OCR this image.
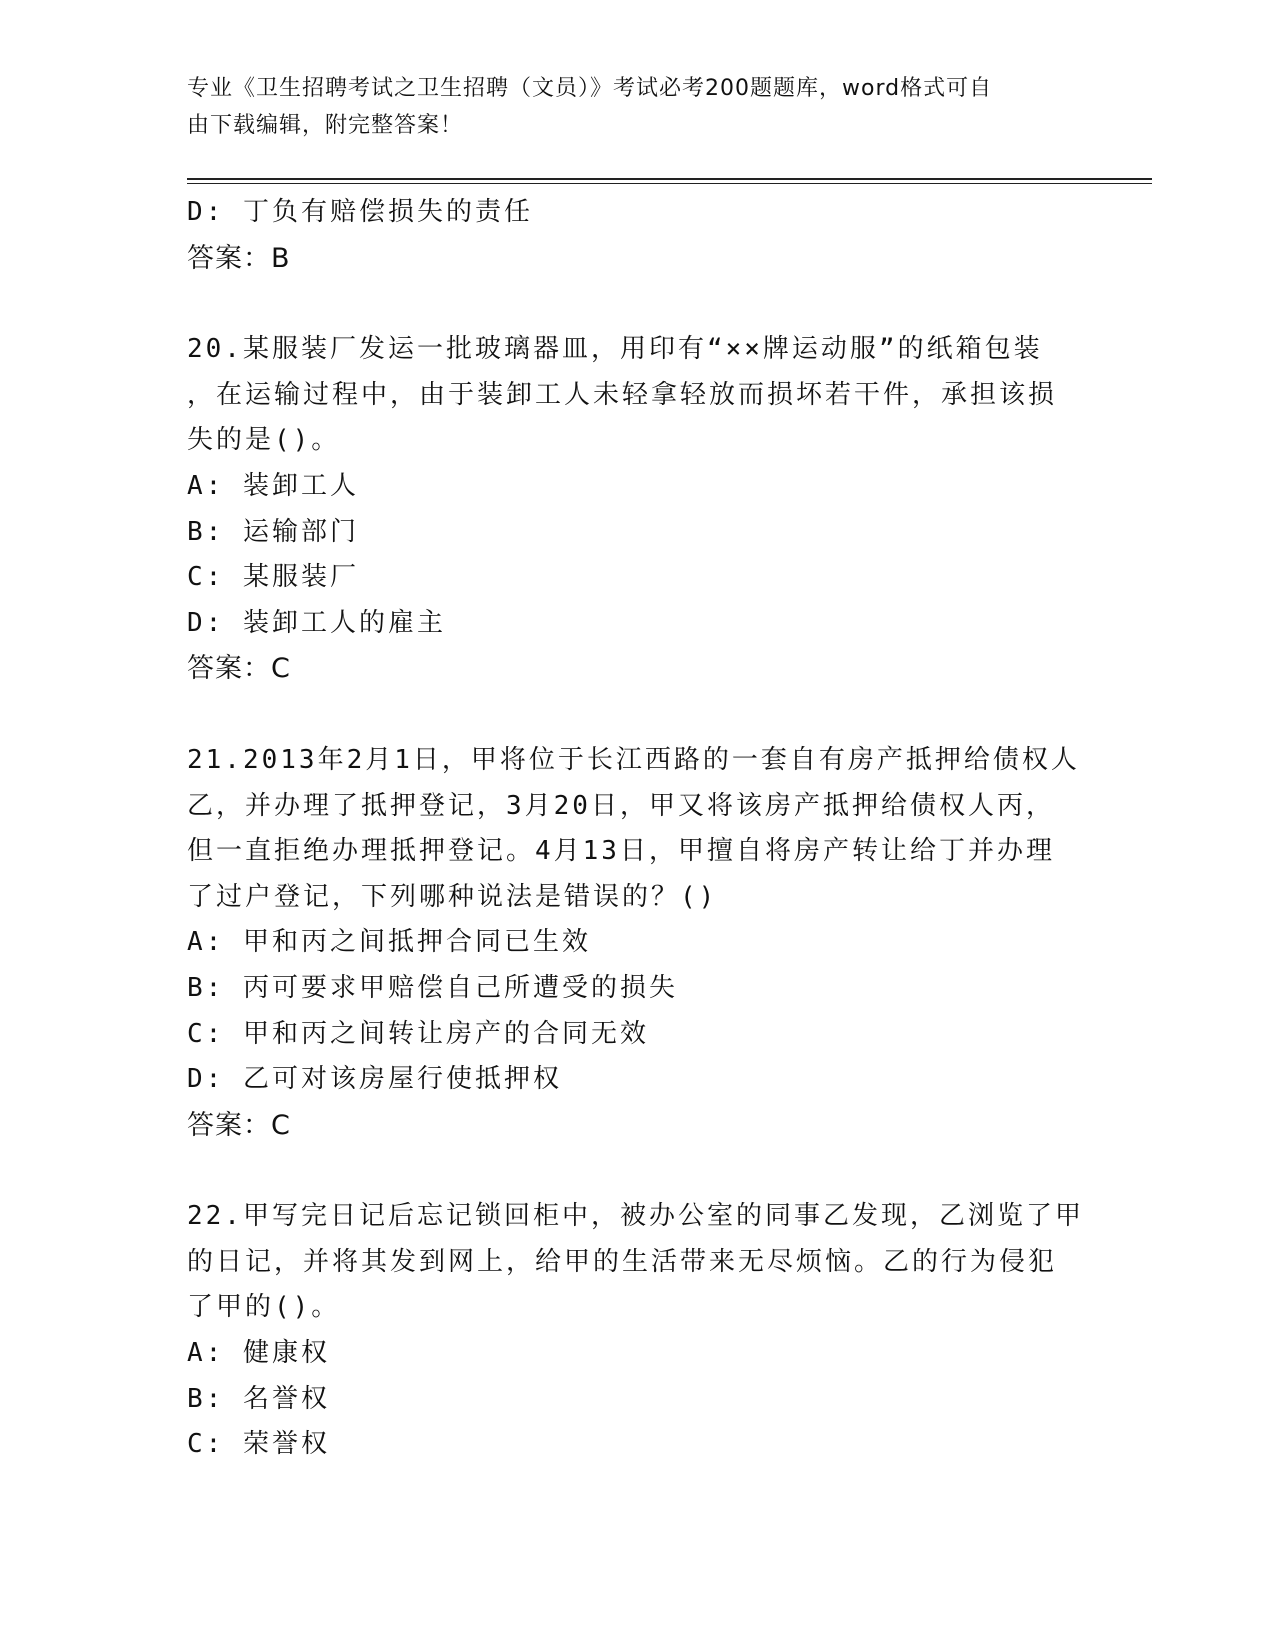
专业《卫生招聘考试之卫生招聘（文员）》考试必考200题题库，word格式可自
由下载编辑，附完整答案！
D: 丁负有赔偿损失的责任
答案：B
20.某服装厂发运一批玻璃器皿，用印有“××牌运动服”的纸箱包装
，在运输过程中，由于装卸工人未轻拿轻放而损坏若干件，承担该损
失的是()。
A: 装卸工人
B: 运输部门
C: 某服装厂
D: 装卸工人的雇主
答案：C
21.2013年2月1日，甲将位于长江西路的一套自有房产抵押给债权人
乙，并办理了抵押登记，3月20日，甲又将该房产抵押给债权人丙，
但一直拒绝办理抵押登记。4月13日，甲擅自将房产转让给丁并办理
了过户登记，下列哪种说法是错误的？()
A: 甲和丙之间抵押合同已生效
B: 丙可要求甲赔偿自己所遭受的损失
C: 甲和丙之间转让房产的合同无效
D: 乙可对该房屋行使抵押权
答案：C
22.甲写完日记后忘记锁回柜中，被办公室的同事乙发现，乙浏览了甲
的日记，并将其发到网上，给甲的生活带来无尽烦恼。乙的行为侵犯
了甲的()。
A: 健康权
B: 名誉权
C: 荣誉权
